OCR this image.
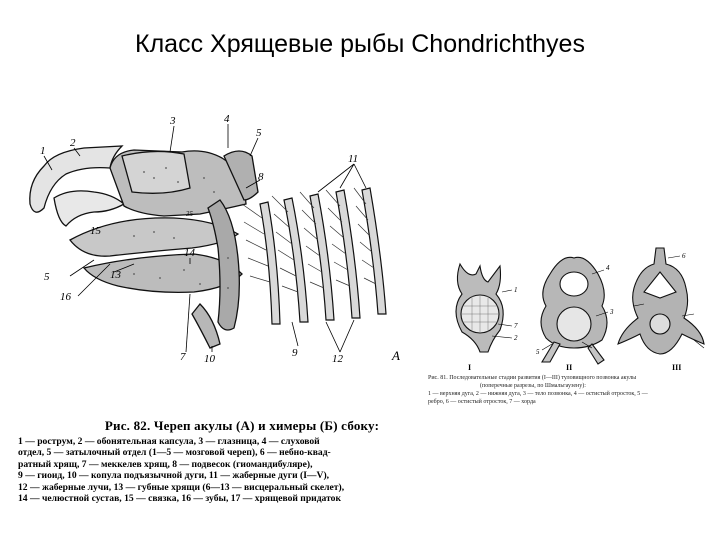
Класс Хрящевые рыбы Chondrichthyes
1
2
3	4
5
8
11
35
13
14
15
5
16
7 10	9	12	А
1
7
2
4
3
5
6
I	II	III
Рис. 81. Последовательные стадии развития (I—III) туловищного позвонка акулы
(поперечные разрезы, по Шмальгаузену):
1 — верхняя дуга, 2 — нижняя дуга, 3 — тело позвонка, 4 — остистый отросток, 5 —
ребро, 6 — остистый отросток, 7 — хорда
Рис. 82. Череп акулы (А) и химеры (Б) сбоку:
1 — рострум, 2 — обонятельная капсула, 3 — глазница, 4 — слуховой
отдел, 5 — затылочный отдел (1—5 — мозговой череп), 6 — небно-квад-
ратный хрящ, 7 — меккелев хрящ, 8 — подвесок (гиомандибуляре),
9 — гиоид, 10 — копула подъязычной дуги, 11 — жаберные дуги (I—V),
12 — жаберные лучи, 13 — губные хрящи (6—13 — висцеральный скелет),
14 — челюстной сустав, 15 — связка, 16 — зубы, 17 — хрящевой придаток
